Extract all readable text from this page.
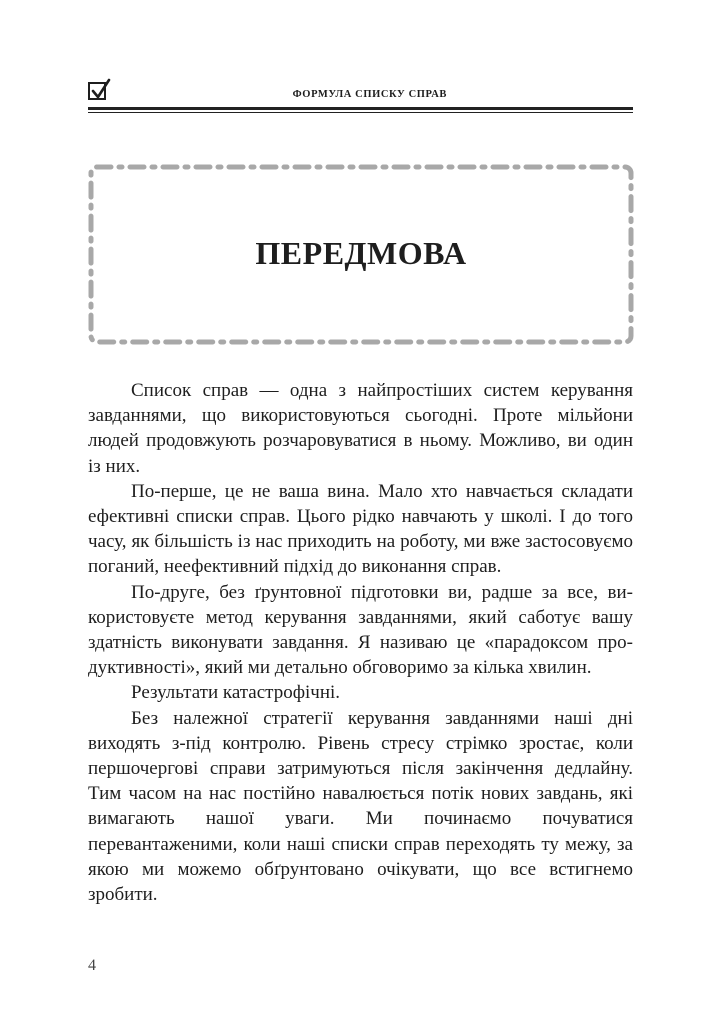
ФОРМУЛА СПИСКУ СПРАВ
ПЕРЕДМОВА

Список справ — одна з найпростіших систем керування завданнями, що використовуються сьогодні. Проте мільйони людей продовжують розчаровуватися в ньому. Можливо, ви один із них.

По-перше, це не ваша вина. Мало хто навчається складати ефективні списки справ. Цього рідко навчають у школі. І до того часу, як більшість із нас приходить на роботу, ми вже застосовуємо поганий, неефективний підхід до виконання справ.

По-друге, без ґрунтовної підготовки ви, радше за все, використовуєте метод керування завданнями, який саботує вашу здатність виконувати завдання. Я називаю це «парадоксом продуктивності», який ми детально обговоримо за кілька хвилин.

Результати катастрофічні.

Без належної стратегії керування завданнями наші дні виходять з-під контролю. Рівень стресу стрімко зростає, коли першочергові справи затримуються після закінчення дедлайну. Тим часом на нас постійно навалюється потік нових завдань, які вимагають нашої уваги. Ми починаємо почуватися перевантаженими, коли наші списки справ переходять ту межу, за якою ми можемо обґрунтовано очікувати, що все встигнемо зробити.

4
